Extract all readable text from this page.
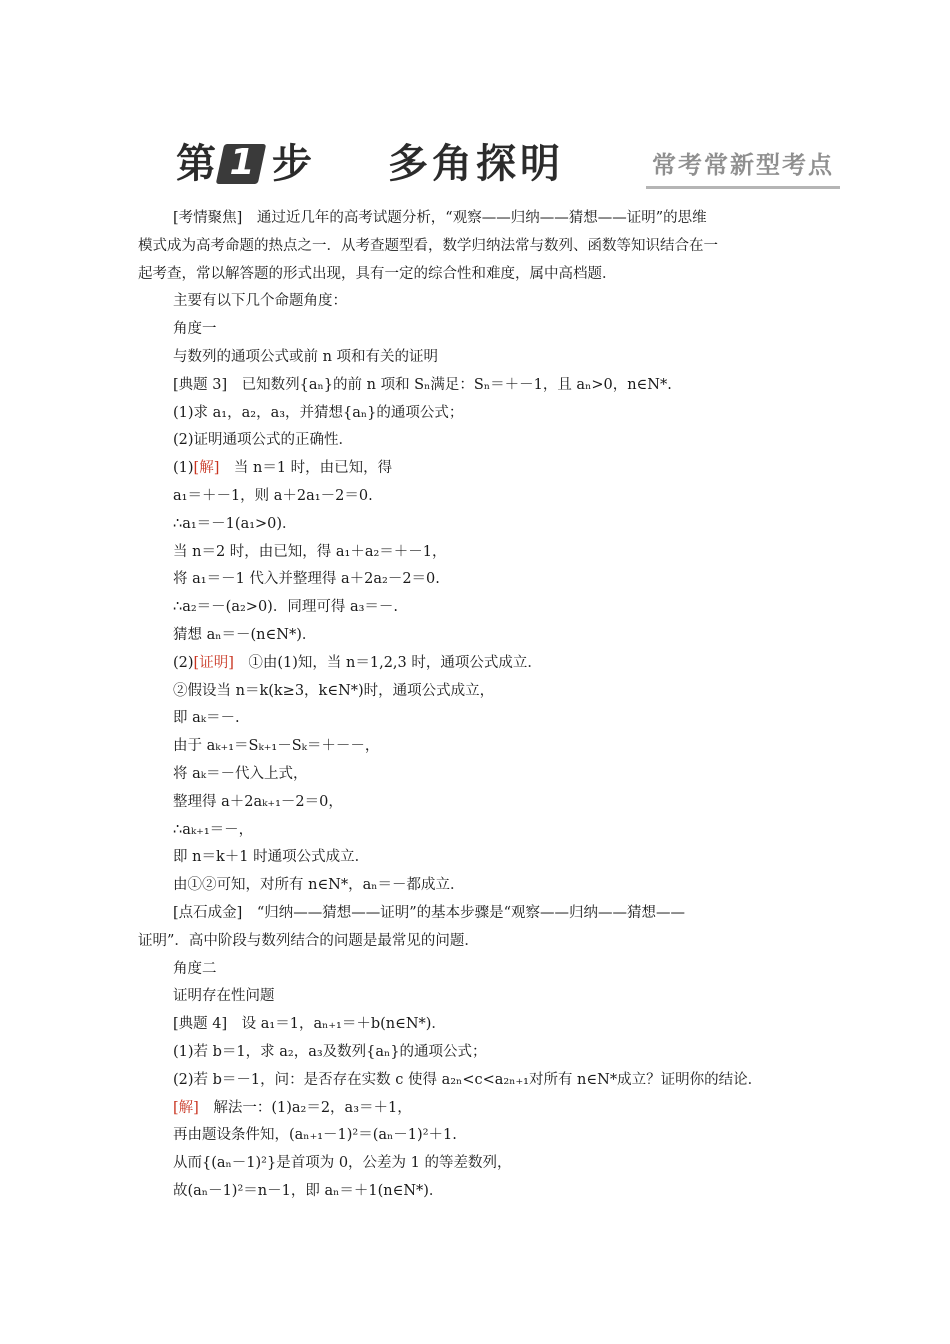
第 1 步 多角探明	常考常新型考点
[考情聚焦]　通过近几年的高考试题分析，“观察——归纳——猜想——证明”的思维
模式成为高考命题的热点之一．从考查题型看，数学归纳法常与数列、函数等知识结合在一
起考查，常以解答题的形式出现，具有一定的综合性和难度，属中高档题．
主要有以下几个命题角度：
角度一
与数列的通项公式或前 n 项和有关的证明
[典题 3]　已知数列{aₙ}的前 n 项和 Sₙ满足：Sₙ＝＋－1，且 aₙ>0，n∈N*.
(1)求 a₁，a₂，a₃，并猜想{aₙ}的通项公式；
(2)证明通项公式的正确性．
(1)[解]　当 n＝1 时，由已知，得
a₁＝＋－1，则 a＋2a₁－2＝0.
∴a₁＝－1(a₁>0)．
当 n＝2 时，由已知，得 a₁＋a₂＝＋－1，
将 a₁＝－1 代入并整理得 a＋2a₂－2＝0.
∴a₂＝－(a₂>0)．同理可得 a₃＝－.
猜想 aₙ＝－(n∈N*)．
(2)[证明]　①由(1)知，当 n＝1,2,3 时，通项公式成立．
②假设当 n＝k(k≥3，k∈N*)时，通项公式成立，
即 aₖ＝－.
由于 aₖ₊₁＝Sₖ₊₁－Sₖ＝＋－－，
将 aₖ＝－代入上式，
整理得 a＋2aₖ₊₁－2＝0，
∴aₖ₊₁＝－，
即 n＝k＋1 时通项公式成立．
由①②可知，对所有 n∈N*，aₙ＝－都成立．
[点石成金]　“归纳——猜想——证明”的基本步骤是“观察——归纳——猜想——
证明”．高中阶段与数列结合的问题是最常见的问题．
角度二
证明存在性问题
[典题 4]　设 a₁＝1，aₙ₊₁＝＋b(n∈N*)．
(1)若 b＝1，求 a₂，a₃及数列{aₙ}的通项公式；
(2)若 b＝－1，问：是否存在实数 c 使得 a₂ₙ<c<a₂ₙ₊₁对所有 n∈N*成立？证明你的结论．
[解]　解法一：(1)a₂＝2，a₃＝＋1，
再由题设条件知，(aₙ₊₁－1)²＝(aₙ－1)²＋1.
从而{(aₙ－1)²}是首项为 0，公差为 1 的等差数列，
故(aₙ－1)²＝n－1，即 aₙ＝＋1(n∈N*)．
